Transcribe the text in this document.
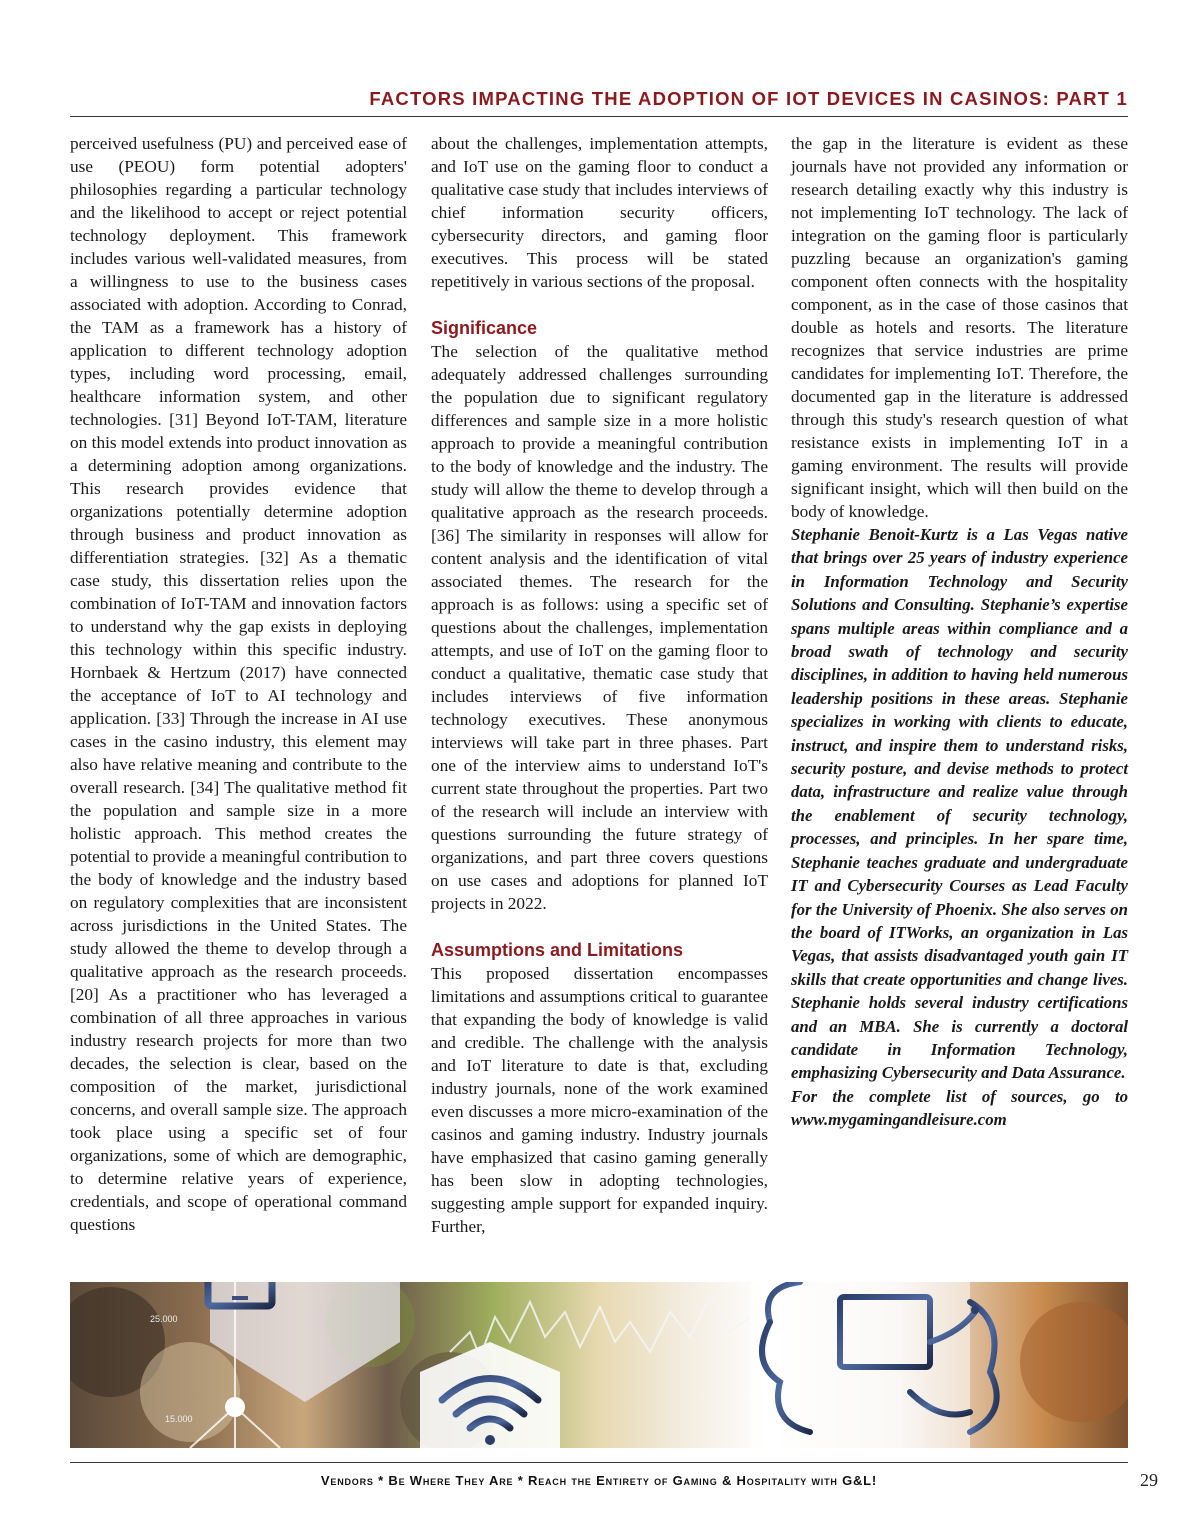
FACTORS IMPACTING THE ADOPTION OF IOT DEVICES IN CASINOS: PART 1

perceived usefulness (PU) and perceived ease of use (PEOU) form potential adopters' philosophies regarding a particular technology and the likelihood to accept or reject potential technology deployment. This framework includes various well-validated measures, from a willingness to use to the business cases associated with adoption. According to Conrad, the TAM as a framework has a history of application to different technology adoption types, including word processing, email, healthcare information system, and other technologies. [31] Beyond IoT-TAM, literature on this model extends into product innovation as a determining adoption among organizations. This research provides evidence that organizations potentially determine adoption through business and product innovation as differentiation strategies. [32] As a thematic case study, this dissertation relies upon the combination of IoT-TAM and innovation factors to understand why the gap exists in deploying this technology within this specific industry. Hornbaek & Hertzum (2017) have connected the acceptance of IoT to AI technology and application. [33] Through the increase in AI use cases in the casino industry, this element may also have relative meaning and contribute to the overall research. [34] The qualitative method fit the population and sample size in a more holistic approach. This method creates the potential to provide a meaningful contribution to the body of knowledge and the industry based on regulatory complexities that are inconsistent across jurisdictions in the United States. The study allowed the theme to develop through a qualitative approach as the research proceeds. [20] As a practitioner who has leveraged a combination of all three approaches in various industry research projects for more than two decades, the selection is clear, based on the composition of the market, jurisdictional concerns, and overall sample size. The approach took place using a specific set of four organizations, some of which are demographic, to determine relative years of experience, credentials, and scope of operational command questions

about the challenges, implementation attempts, and IoT use on the gaming floor to conduct a qualitative case study that includes interviews of chief information security officers, cybersecurity directors, and gaming floor executives. This process will be stated repetitively in various sections of the proposal.

Significance

The selection of the qualitative method adequately addressed challenges surrounding the population due to significant regulatory differences and sample size in a more holistic approach to provide a meaningful contribution to the body of knowledge and the industry. The study will allow the theme to develop through a qualitative approach as the research proceeds. [36] The similarity in responses will allow for content analysis and the identification of vital associated themes. The research for the approach is as follows: using a specific set of questions about the challenges, implementation attempts, and use of IoT on the gaming floor to conduct a qualitative, thematic case study that includes interviews of five information technology executives. These anonymous interviews will take part in three phases. Part one of the interview aims to understand IoT's current state throughout the properties. Part two of the research will include an interview with questions surrounding the future strategy of organizations, and part three covers questions on use cases and adoptions for planned IoT projects in 2022.

Assumptions and Limitations

This proposed dissertation encompasses limitations and assumptions critical to guarantee that expanding the body of knowledge is valid and credible. The challenge with the analysis and IoT literature to date is that, excluding industry journals, none of the work examined even discusses a more micro-examination of the casinos and gaming industry. Industry journals have emphasized that casino gaming generally has been slow in adopting technologies, suggesting ample support for expanded inquiry. Further,

the gap in the literature is evident as these journals have not provided any information or research detailing exactly why this industry is not implementing IoT technology. The lack of integration on the gaming floor is particularly puzzling because an organization's gaming component often connects with the hospitality component, as in the case of those casinos that double as hotels and resorts. The literature recognizes that service industries are prime candidates for implementing IoT. Therefore, the documented gap in the literature is addressed through this study's research question of what resistance exists in implementing IoT in a gaming environment. The results will provide significant insight, which will then build on the body of knowledge.

Stephanie Benoit-Kurtz is a Las Vegas native that brings over 25 years of industry experience in Information Technology and Security Solutions and Consulting. Stephanie’s expertise spans multiple areas within compliance and a broad swath of technology and security disciplines, in addition to having held numerous leadership positions in these areas. Stephanie specializes in working with clients to educate, instruct, and inspire them to understand risks, security posture, and devise methods to protect data, infrastructure and realize value through the enablement of security technology, processes, and principles. In her spare time, Stephanie teaches graduate and undergraduate IT and Cybersecurity Courses as Lead Faculty for the University of Phoenix. She also serves on the board of ITWorks, an organization in Las Vegas, that assists disadvantaged youth gain IT skills that create opportunities and change lives. Stephanie holds several industry certifications and an MBA. She is currently a doctoral candidate in Information Technology, emphasizing Cybersecurity and Data Assurance.

For the complete list of sources, go to www.mygamingandleisure.com

25.000
15.000
Vendors * Be Where They Are * Reach the Entirety of Gaming & Hospitality with G&L!	29
